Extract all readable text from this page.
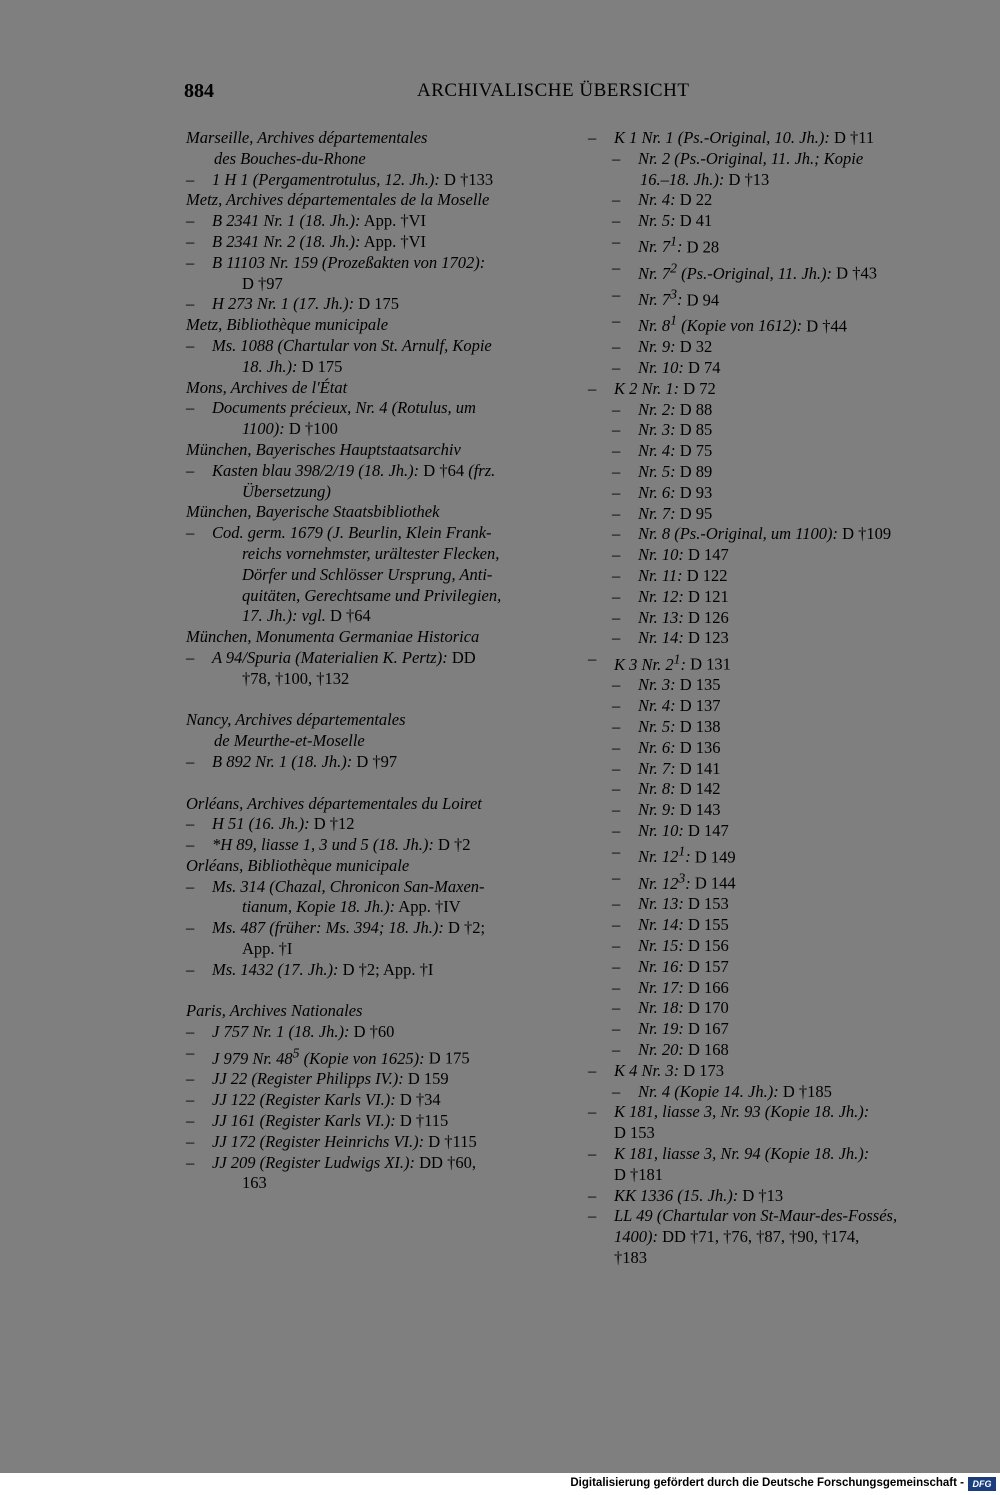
884	ARCHIVALISCHE ÜBERSICHT
Marseille, Archives départementales
des Bouches-du-Rhone
– 1 H 1 (Pergamentrotulus, 12. Jh.): D †133
Metz, Archives départementales de la Moselle
– B 2341 Nr. 1 (18. Jh.): App. †VI
– B 2341 Nr. 2 (18. Jh.): App. †VI
– B 11103 Nr. 159 (Prozeßakten von 1702):
D †97
– H 273 Nr. 1 (17. Jh.): D 175
Metz, Bibliothèque municipale
– Ms. 1088 (Chartular von St. Arnulf, Kopie
18. Jh.): D 175
Mons, Archives de l'État
– Documents précieux, Nr. 4 (Rotulus, um
1100): D †100
München, Bayerisches Hauptstaatsarchiv
– Kasten blau 398/2/19 (18. Jh.): D †64 (frz.
Übersetzung)
München, Bayerische Staatsbibliothek
– Cod. germ. 1679 (J. Beurlin, Klein Frank-
reichs vornehmster, urältester Flecken,
Dörfer und Schlösser Ursprung, Anti-
quitäten, Gerechtsame und Privilegien,
17. Jh.): vgl. D †64
München, Monumenta Germaniae Historica
– A 94/Spuria (Materialien K. Pertz): DD
†78, †100, †132
Nancy, Archives départementales
de Meurthe-et-Moselle
– B 892 Nr. 1 (18. Jh.): D †97
Orléans, Archives départementales du Loiret
– H 51 (16. Jh.): D †12
– *H 89, liasse 1, 3 und 5 (18. Jh.): D †2
Orléans, Bibliothèque municipale
– Ms. 314 (Chazal, Chronicon San-Maxen-
tianum, Kopie 18. Jh.): App. †IV
– Ms. 487 (früher: Ms. 394; 18. Jh.): D †2;
App. †I
– Ms. 1432 (17. Jh.): D †2; App. †I
Paris, Archives Nationales
– J 757 Nr. 1 (18. Jh.): D †60
– J 979 Nr. $48^5$ (Kopie von 1625): D 175
– JJ 22 (Register Philipps IV.): D 159
– JJ 122 (Register Karls VI.): D †34
– JJ 161 (Register Karls VI.): D †115
– JJ 172 (Register Heinrichs VI.): D †115
– JJ 209 (Register Ludwigs XI.): DD †60,
163
– K 1 Nr. 1 (Ps.-Original, 10. Jh.): D †11
– Nr. 2 (Ps.-Original, 11. Jh.; Kopie
16.–18. Jh.): D †13
– Nr. 4: D 22
– Nr. 5: D 41
– Nr. $7^1$: D 28
– Nr. $7^2$ (Ps.-Original, 11. Jh.): D †43
– Nr. $7^3$: D 94
– Nr. $8^1$ (Kopie von 1612): D †44
– Nr. 9: D 32
– Nr. 10: D 74
– K 2 Nr. 1: D 72
– Nr. 2: D 88
– Nr. 3: D 85
– Nr. 4: D 75
– Nr. 5: D 89
– Nr. 6: D 93
– Nr. 7: D 95
– Nr. 8 (Ps.-Original, um 1100): D †109
– Nr. 10: D 147
– Nr. 11: D 122
– Nr. 12: D 121
– Nr. 13: D 126
– Nr. 14: D 123
– K 3 Nr. $2^1$: D 131
– Nr. 3: D 135
– Nr. 4: D 137
– Nr. 5: D 138
– Nr. 6: D 136
– Nr. 7: D 141
– Nr. 8: D 142
– Nr. 9: D 143
– Nr. 10: D 147
– Nr. $12^1$: D 149
– Nr. $12^3$: D 144
– Nr. 13: D 153
– Nr. 14: D 155
– Nr. 15: D 156
– Nr. 16: D 157
– Nr. 17: D 166
– Nr. 18: D 170
– Nr. 19: D 167
– Nr. 20: D 168
– K 4 Nr. 3: D 173
– Nr. 4 (Kopie 14. Jh.): D †185
– K 181, liasse 3, Nr. 93 (Kopie 18. Jh.):
D 153
– K 181, liasse 3, Nr. 94 (Kopie 18. Jh.):
D †181
– KK 1336 (15. Jh.): D †13
– LL 49 (Chartular von St-Maur-des-Fossés,
1400): DD †71, †76, †87, †90, †174,
†183
Digitalisierung gefördert durch die Deutsche Forschungsgemeinschaft - DFG
